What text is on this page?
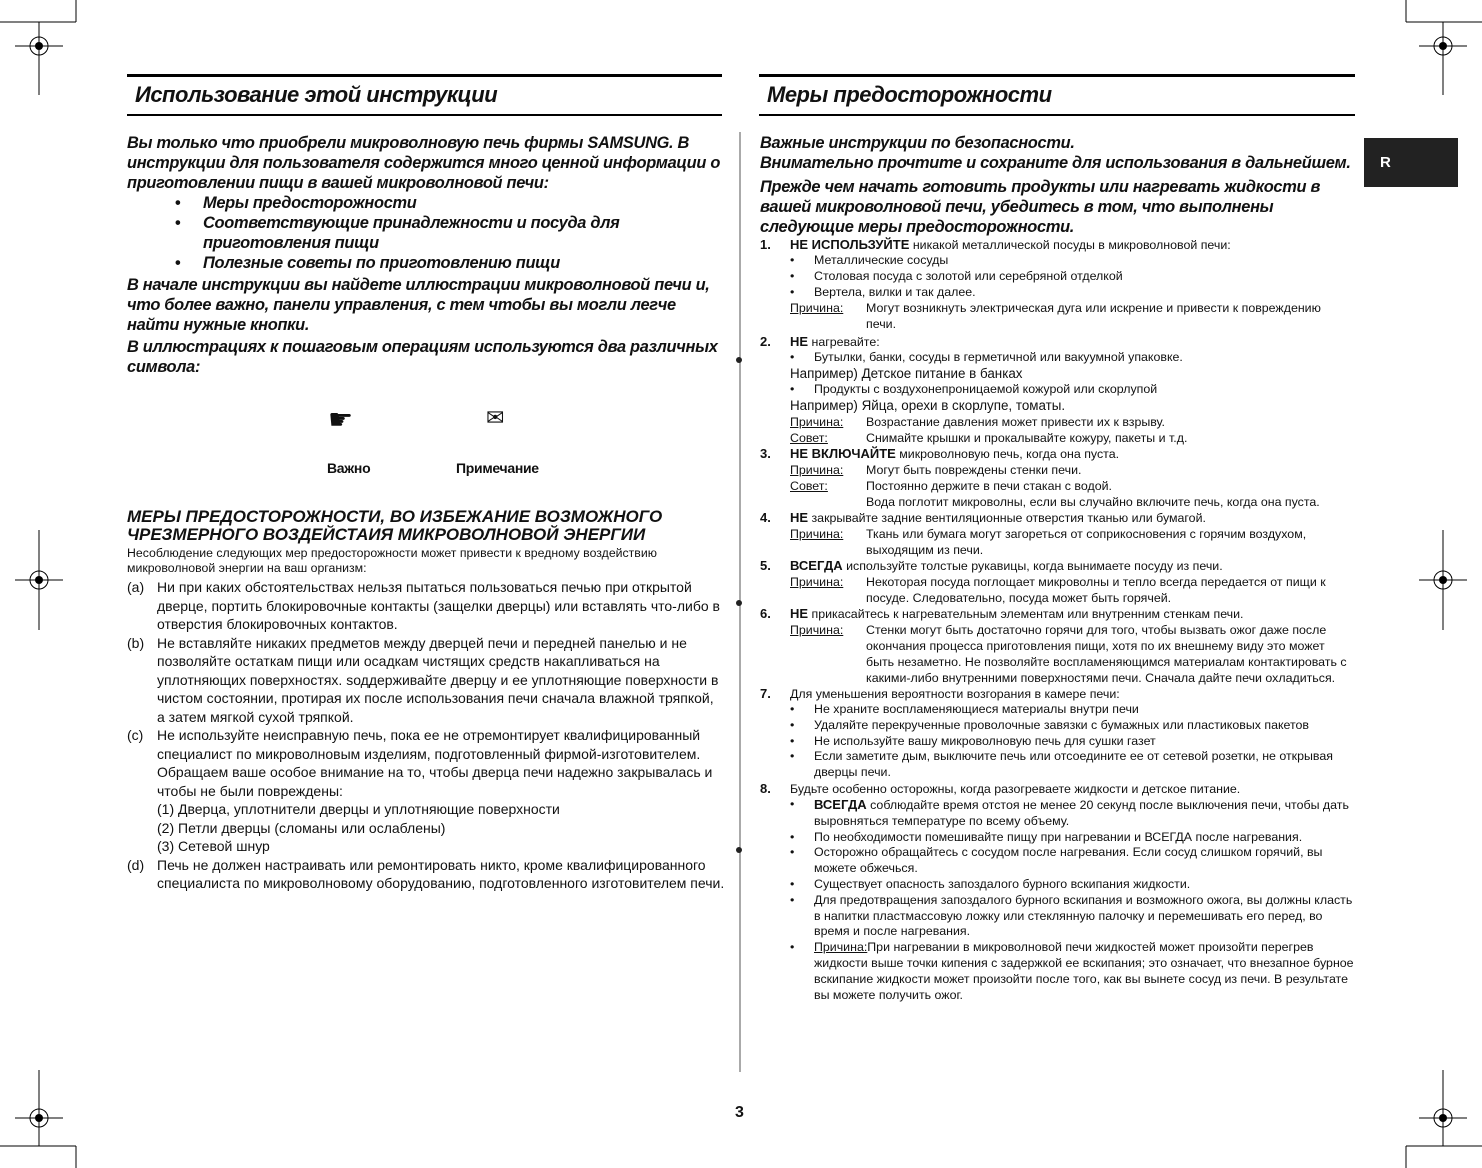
Использование этой инструкции

Вы только что приобрели микроволновую печь фирмы SAMSUNG. В инструкции для пользователя содержится много ценной информации о приготовлении пищи в вашей микроволновой печи:

• Меры предосторожности
• Соответствующие принадлежности и посуда для приготовления пищи
• Полезные советы по приготовлению пищи

В начале инструкции вы найдете иллюстрации микроволновой печи и, что более важно, панели управления, с тем чтобы вы могли легче найти нужные кнопки.

В иллюстрациях к пошаговым операциям используются два различных символа:

☛	✉
Важно	Примечание

МЕРЫ ПРЕДОСТОРОЖНОСТИ, ВО ИЗБЕЖАНИЕ ВОЗМОЖНОГО ЧРЕЗМЕРНОГО ВОЗДЕЙСТАИЯ МИКРОВОЛНОВОЙ ЭНЕРГИИ

Несоблюдение следующих мер предосторожности может привести к вредному воздействию микроволновой энергии на ваш организм:

(a) Ни при каких обстоятельствах нельзя пытаться пользоваться печью при открытой дверце, портить блокировочные контакты (защелки дверцы) или вставлять что-либо в отверстия блокировочных контактов.
(b) Не вставляйте никаких предметов между дверцей печи и передней панелью и не позволяйте остаткам пищи или осадкам чистящих средств накапливаться на уплотняющих поверхностях. ѕоддерживайте дверцу и ее уплотняющие поверхности в чистом состоянии, протирая их после использования печи сначала влажной тряпкой, а затем мягкой сухой тряпкой.
(c) Не используйте неисправную печь, пока ее не отремонтирует квалифицированный специалист по микроволновым изделиям, подготовленный фирмой-изготовителем.
Обращаем ваше особое внимание на то, чтобы дверца печи надежно закрывалась и чтобы не были повреждены:
(1) Дверца, уплотнители дверцы и уплотняющие поверхности
(2) Петли дверцы (сломаны или ослаблены)
(3) Сетевой шнур
(d) Печь не должен настраивать или ремонтировать никто, кроме квалифицированного специалиста по микроволновому оборудованию, подготовленного изготовителем печи.
Меры предосторожности
R

Важные инструкции по безопасности.

Внимательно прочтите и сохраните для использования в дальнейшем.

Прежде чем начать готовить продукты или нагревать жидкости в вашей микроволновой печи, убедитесь в том, что выполнены следующие меры предосторожности.

1. НЕ ИСПОЛЬЗУЙТЕ никакой металлической посуды в микроволновой печи:
• Металлические сосуды
• Столовая посуда с золотой или серебряной отделкой
• Вертела, вилки и так далее.
Причина: Могут возникнуть электрическая дуга или искрение и привести к повреждению печи.
2. НЕ нагревайте:
• Бутылки, банки, сосуды в герметичной или вакуумной упаковке.
Например) Детское питание в банках
• Продукты с воздухонепроницаемой кожурой или скорлупой
Например) Яйца, орехи в скорлупе, томаты.
Причина: Возрастание давления может привести их к взрыву.
Совет:	Снимайте крышки и прокалывайте кожуру, пакеты и т.д.
3. НЕ ВКЛЮЧАЙТЕ микроволновую печь, когда она пуста.
Причина: Могут быть повреждены стенки печи.
Совет:	Постоянно держите в печи стакан с водой.
Вода поглотит микроволны, если вы случайно включите печь, когда она пуста.
4. НЕ закрывайте задние вентиляционные отверстия тканью или бумагой.
Причина: Ткань или бумага могут загореться от соприкосновения с горячим воздухом, выходящим из печи.
5. ВСЕГДА используйте толстые рукавицы, когда вынимаете посуду из печи.
Причина: Некоторая посуда поглощает микроволны и тепло всегда передается от пищи к посуде. Следовательно, посуда может быть горячей.
6. НЕ прикасайтесь к нагревательным элементам или внутренним стенкам печи.
Причина: Стенки могут быть достаточно горячи для того, чтобы вызвать ожог даже после окончания процесса приготовления пищи, хотя по их внешнему виду это может быть незаметно. Не позволяйте воспламеняющимся материалам контактировать с какими-либо внутренними поверхностями печи. Сначала дайте печи охладиться.
7. Для уменьшения вероятности возгорания в камере печи:
• Не храните воспламеняющиеся материалы внутри печи
• Удаляйте перекрученные проволочные завязки с бумажных или пластиковых пакетов
• Не используйте вашу микроволновую печь для сушки газет
• Если заметите дым, выключите печь или отсоедините ее от сетевой розетки, не открывая дверцы печи.
8. Будьте особенно осторожны, когда разогреваете жидкости и детское питание.
• ВСЕГДА соблюдайте время отстоя не менее 20 секунд после выключения печи, чтобы дать выровняться температуре по всему объему.
• По необходимости помешивайте пищу при нагревании и ВСЕГДА после нагревания.
• Осторожно обращайтесь с сосудом после нагревания. Если сосуд слишком горячий, вы можете обжечься.
• Существует опасность запоздалого бурного вскипания жидкости.
• Для предотвращения запоздалого бурного вскипания и возможного ожога, вы должны класть в напитки пластмассовую ложку или стеклянную палочку и перемешивать его перед, во время и после нагревания.
• Причина:При нагревании в микроволновой печи жидкостей может произойти перегрев жидкости выше точки кипения с задержкой ее вскипания; это означает, что внезапное бурное вскипание жидкости может произойти после того, как вы вынете сосуд из печи. В результате вы можете получить ожог.
3
